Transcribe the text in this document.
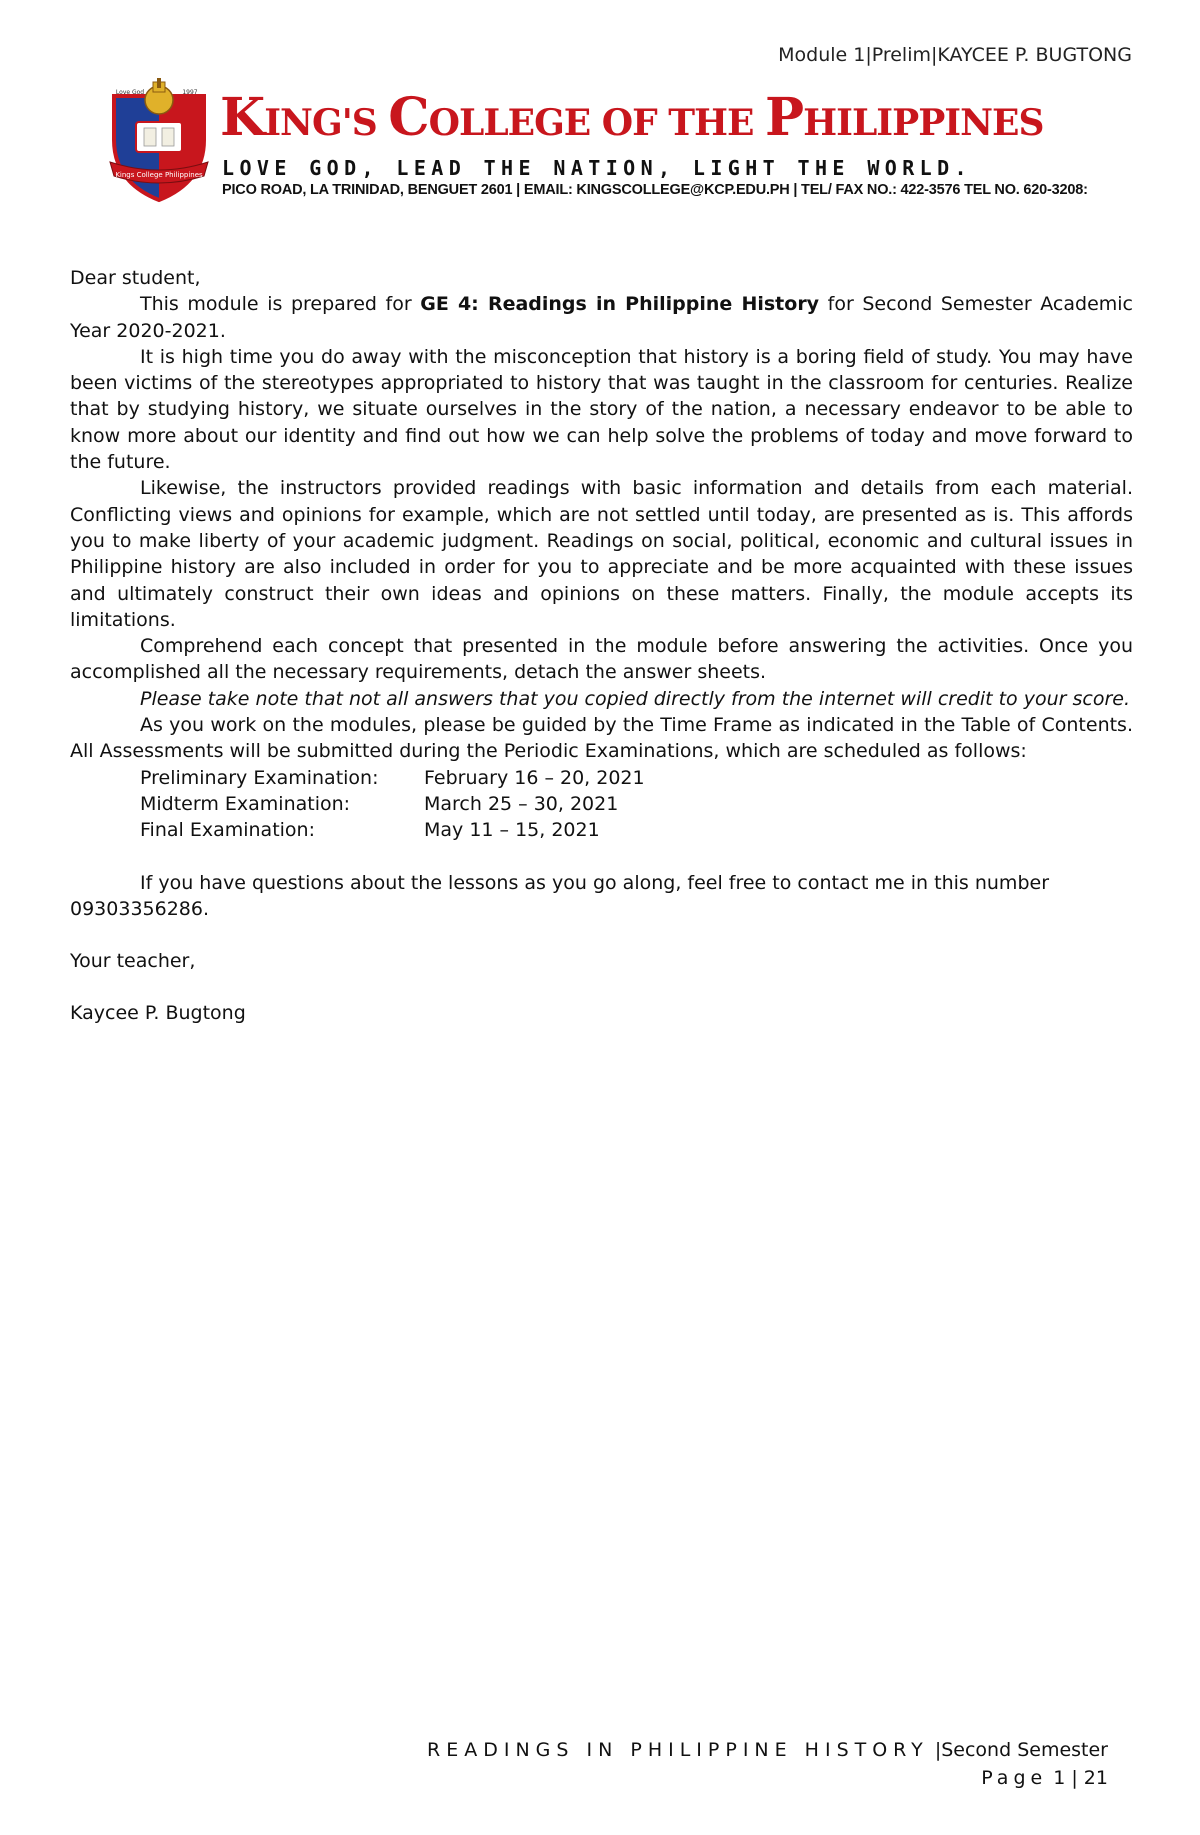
Module 1|Prelim|KAYCEE P. BUGTONG
Kings College Philippines
Love God	1997 KING'S COLLEGE OF THE PHILIPPINES
LOVE GOD, LEAD THE NATION, LIGHT THE WORLD.
PICO ROAD, LA TRINIDAD, BENGUET 2601 | EMAIL: KINGSCOLLEGE@KCP.EDU.PH | TEL/ FAX NO.: 422-3576 TEL NO. 620-3208:

Dear student,

This module is prepared for GE 4: Readings in Philippine History for Second Semester Academic Year 2020-2021.

It is high time you do away with the misconception that history is a boring field of study. You may have been victims of the stereotypes appropriated to history that was taught in the classroom for centuries. Realize that by studying history, we situate ourselves in the story of the nation, a necessary endeavor to be able to know more about our identity and find out how we can help solve the problems of today and move forward to the future.

Likewise, the instructors provided readings with basic information and details from each material. Conflicting views and opinions for example, which are not settled until today, are presented as is. This affords you to make liberty of your academic judgment. Readings on social, political, economic and cultural issues in Philippine history are also included in order for you to appreciate and be more acquainted with these issues and ultimately construct their own ideas and opinions on these matters. Finally, the module accepts its limitations.

Comprehend each concept that presented in the module before answering the activities. Once you accomplished all the necessary requirements, detach the answer sheets.

Please take note that not all answers that you copied directly from the internet will credit to your score.

As you work on the modules, please be guided by the Time Frame as indicated in the Table of Contents. All Assessments will be submitted during the Periodic Examinations, which are scheduled as follows:

Preliminary Examination:	February 16 – 20, 2021
Midterm Examination:	March 25 – 30, 2021
Final Examination:	May 11 – 15, 2021

If you have questions about the lessons as you go along, feel free to contact me in this number 09303356286.

Your teacher,

Kaycee P. Bugtong

READINGS IN PHILIPPINE HISTORY |Second Semester
Page 1 | 21
